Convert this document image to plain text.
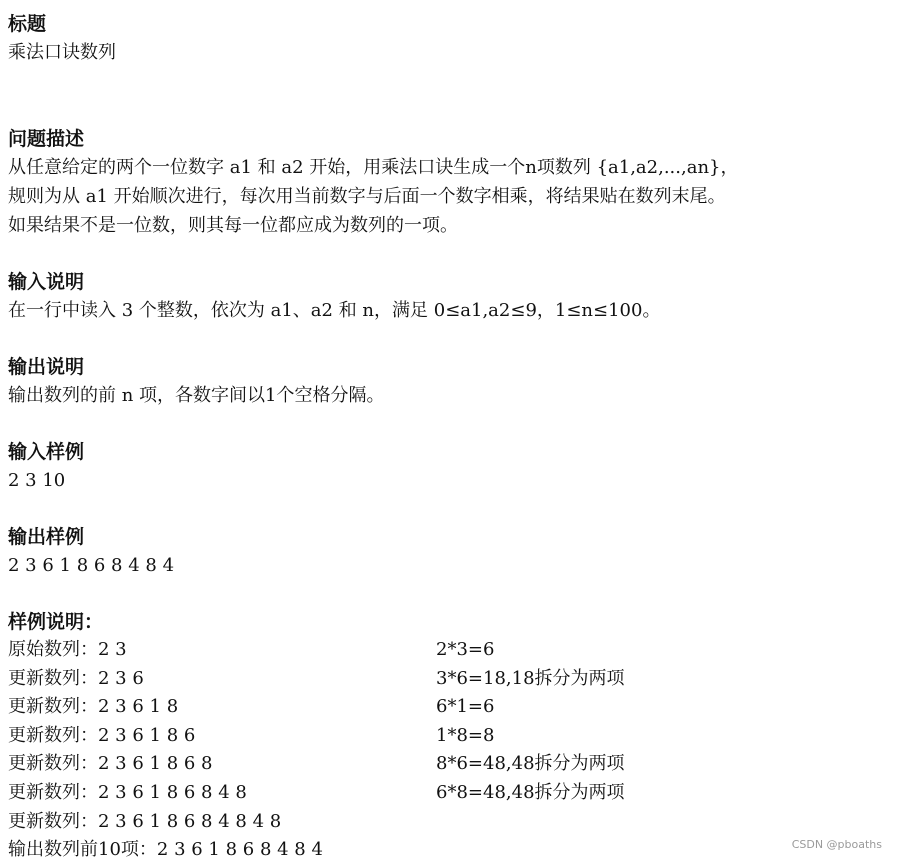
标题
乘法口诀数列
问题描述
从任意给定的两个一位数字 a1 和 a2 开始，用乘法口诀生成一个n项数列 {a1,a2,...,an}，
规则为从 a1 开始顺次进行，每次用当前数字与后面一个数字相乘，将结果贴在数列末尾。
如果结果不是一位数，则其每一位都应成为数列的一项。
输入说明
在一行中读入 3 个整数，依次为 a1、a2 和 n，满足 0≤a1,a2≤9，1≤n≤100。
输出说明
输出数列的前 n 项，各数字间以1个空格分隔。
输入样例
2 3 10
输出样例
2 3 6 1 8 6 8 4 8 4
样例说明：
原始数列：2 3	2*3=6
更新数列：2 3 6	3*6=18,18拆分为两项
更新数列：2 3 6 1 8	6*1=6
更新数列：2 3 6 1 8 6	1*8=8
更新数列：2 3 6 1 8 6 8	8*6=48,48拆分为两项
更新数列：2 3 6 1 8 6 8 4 8	6*8=48,48拆分为两项
更新数列：2 3 6 1 8 6 8 4 8 4 8
输出数列前10项：2 3 6 1 8 6 8 4 8 4	CSDN @pboaths
